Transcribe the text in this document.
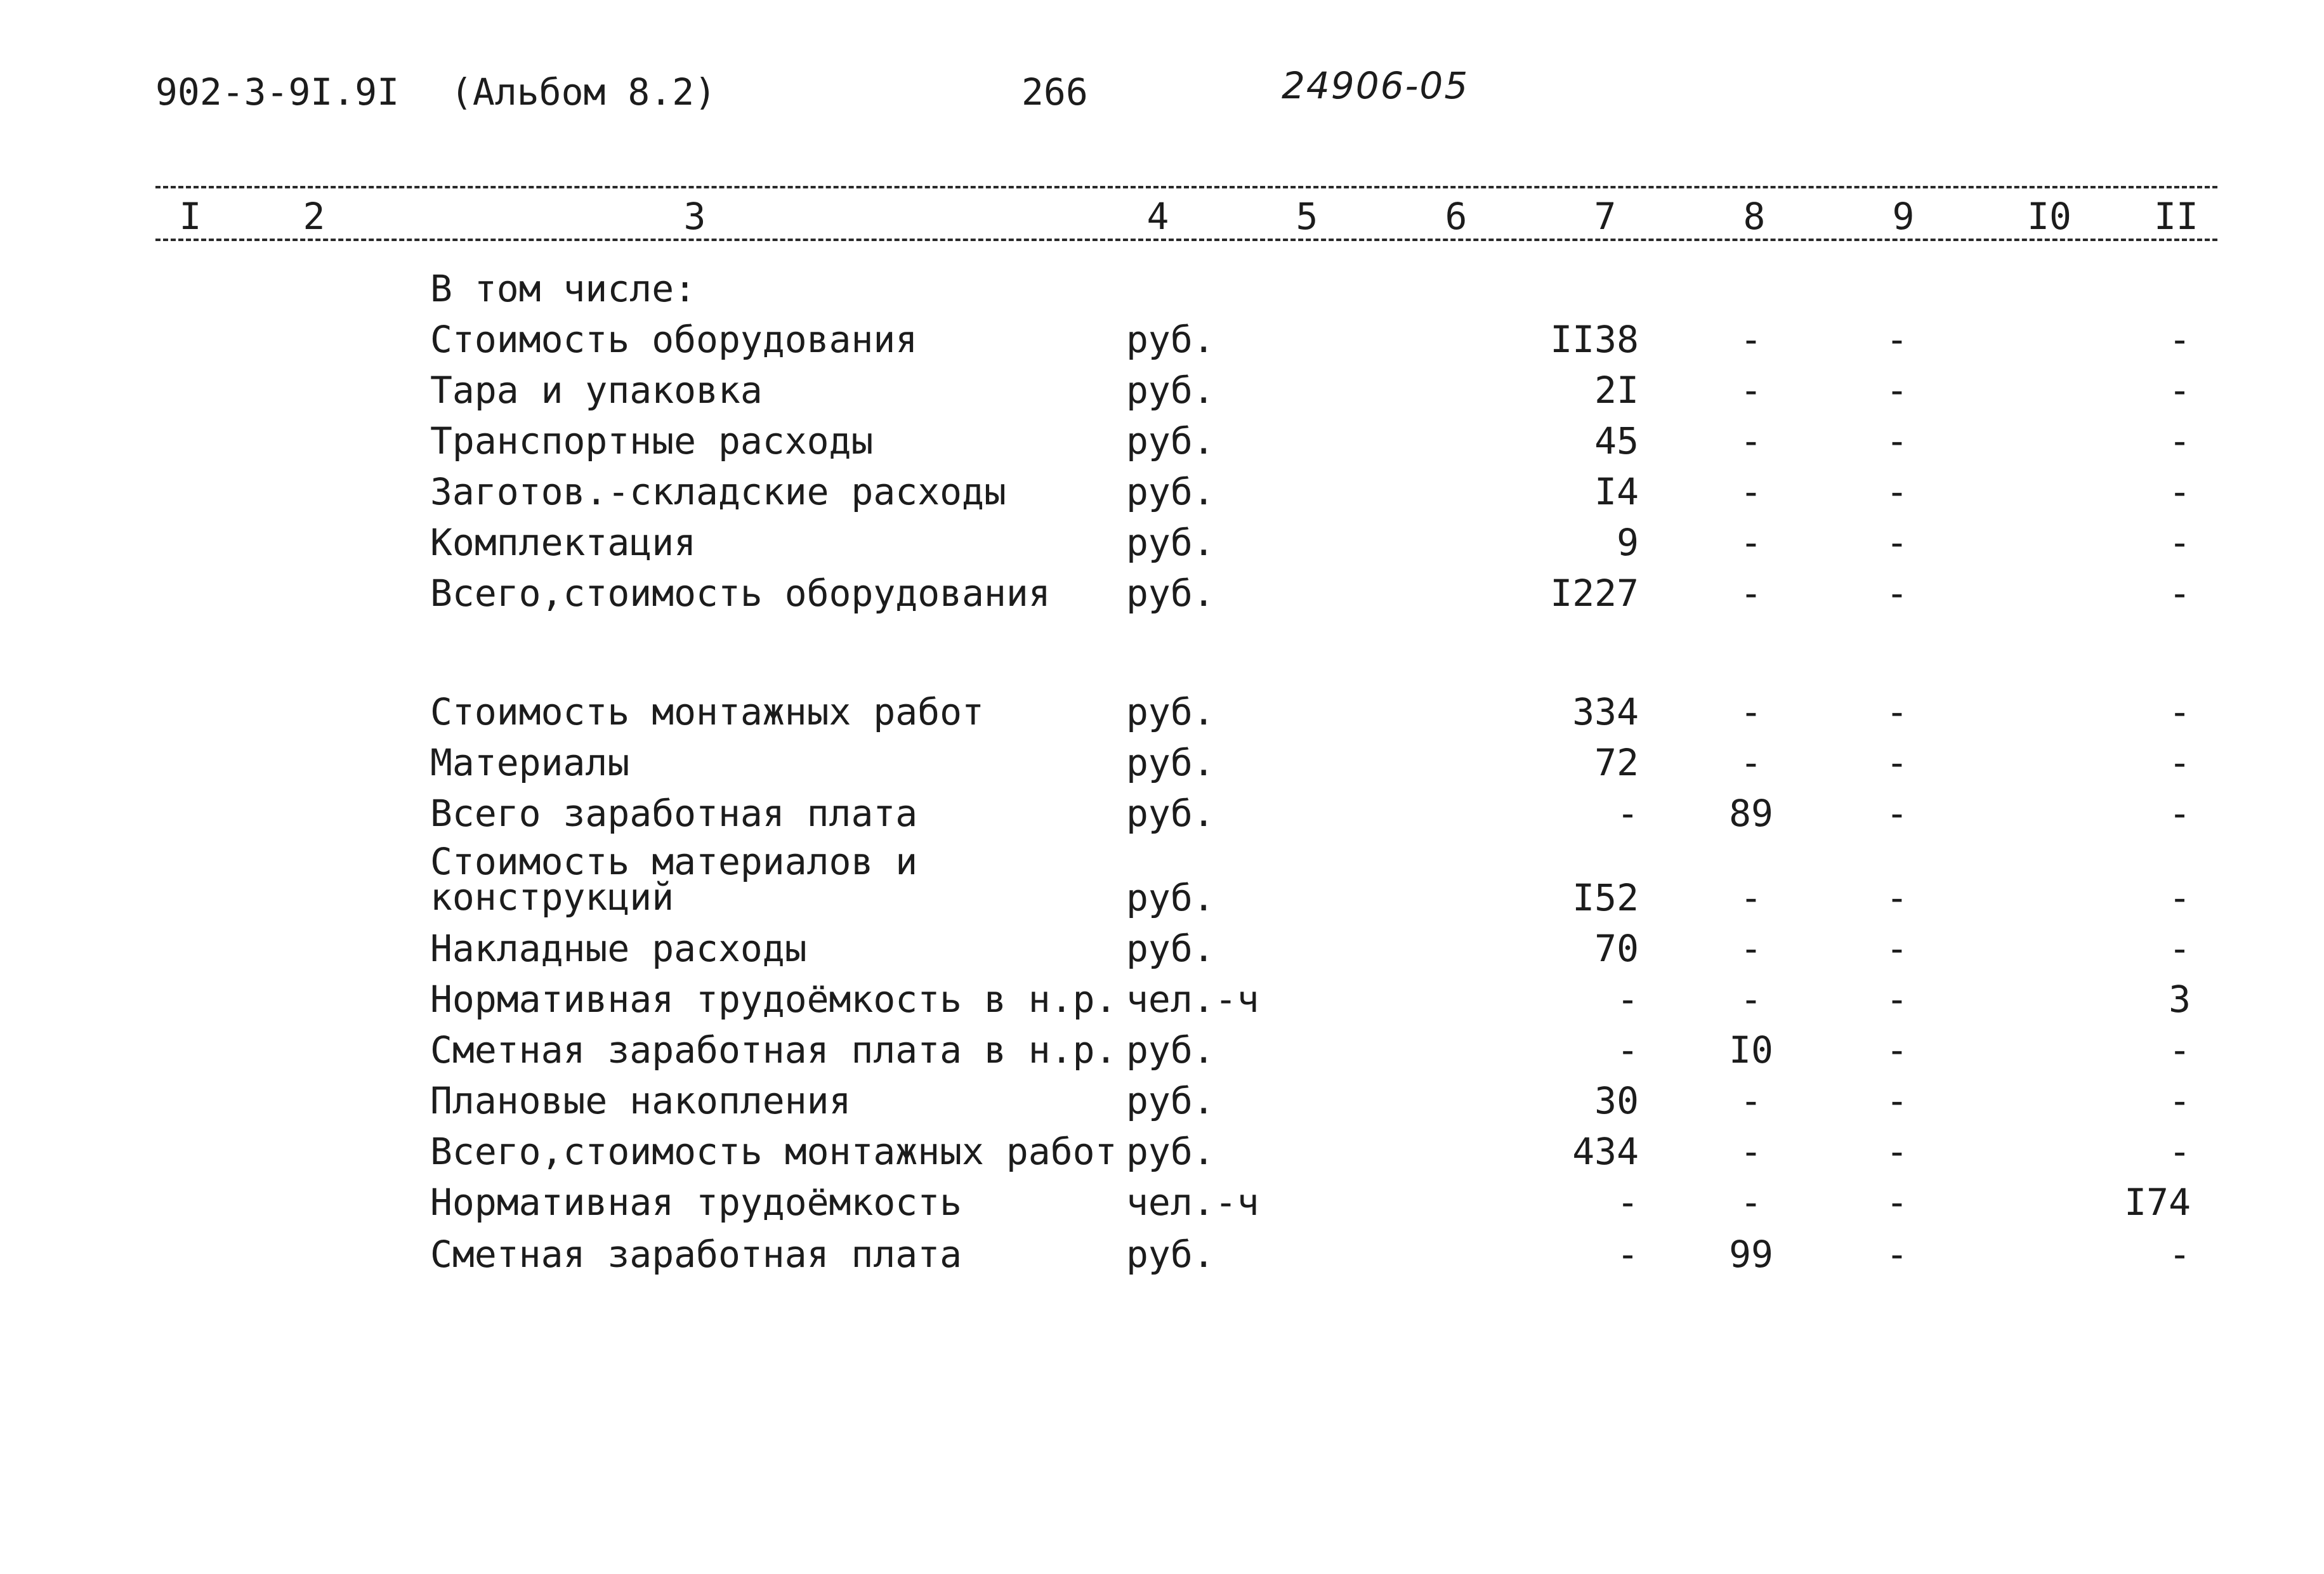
902-3-9I.9I (Альбом 8.2)	266	24906-05
I	2	3	4	5	6	7	8	9	I0	II
В том числе:
Стоимость оборудования	руб.	II38	-	-	-
Тара и упаковка	руб.	2I	-	-	-
Транспортные расходы	руб.	45	-	-	-
Заготов.-складские расходы	руб.	I4	-	-	-
Комплектация	руб.	9	-	-	-
Всего,стоимость оборудования руб.	I227	-	-	-
Стоимость монтажных работ	руб.	334	-	-	-
Материалы	руб.	72	-	-	-
Всего заработная плата	руб.	-	89	-	-
Стоимость материалов и
конструкций	руб.	I52	-	-	-
Накладные расходы	руб.	70	-	-	-
Нормативная трудоёмкость в н.р. чел.-ч	-	-	-	3
Сметная заработная плата в н.р. руб.	-	I0	-	-
Плановые накопления	руб.	30	-	-	-
Всего,стоимость монтажных работ руб.	434	-	-	-
Нормативная трудоёмкость	чел.-ч	-	-	-	I74
Сметная заработная плата	руб.	-	99	-	-
